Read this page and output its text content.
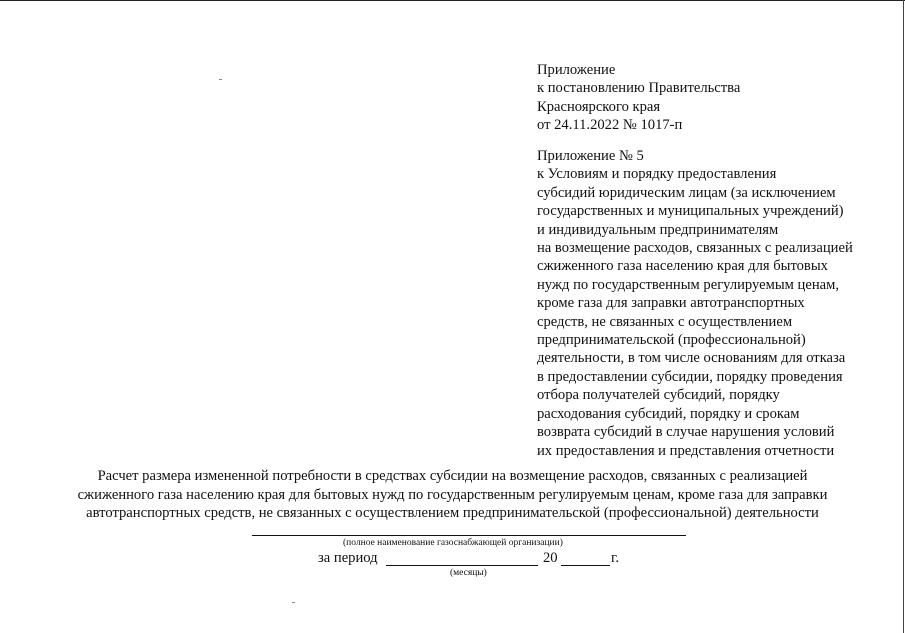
Приложение
к постановлению Правительства
Красноярского края
от 24.11.2022 № 1017-п
Приложение № 5
к Условиям и порядку предоставления
субсидий юридическим лицам (за исключением
государственных и муниципальных учреждений)
и индивидуальным предпринимателям
на возмещение расходов, связанных с реализацией
сжиженного газа населению края для бытовых
нужд по государственным регулируемым ценам,
кроме газа для заправки автотранспортных
средств, не связанных с осуществлением
предпринимательской (профессиональной)
деятельности, в том числе основаниям для отказа
в предоставлении субсидии, порядку проведения
отбора получателей субсидий, порядку
расходования субсидий, порядку и срокам
возврата субсидий в случае нарушения условий
их предоставления и представления отчетности
Расчет размера измененной потребности в средствах субсидии на возмещение расходов, связанных с реализацией
сжиженного газа населению края для бытовых нужд по государственным регулируемым ценам, кроме газа для заправки
автотранспортных средств, не связанных с осуществлением предпринимательской (профессиональной) деятельности
(полное наименование газоснабжающей организации)
за период	20	г.
(месяцы)
